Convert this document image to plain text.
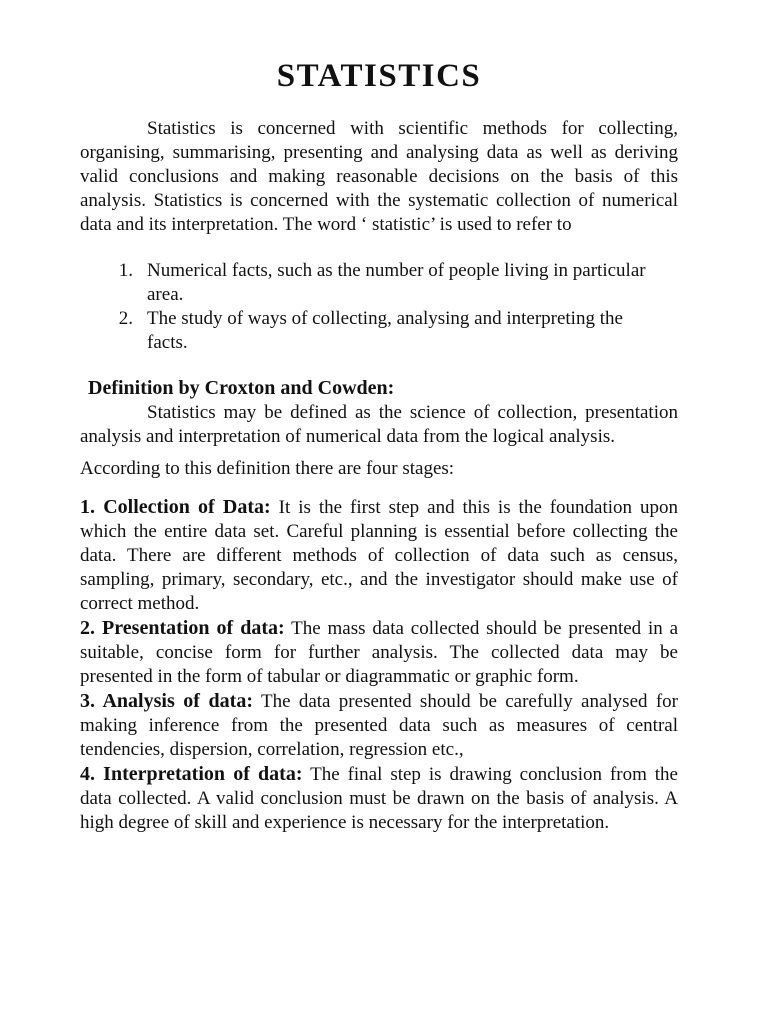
STATISTICS

Statistics is concerned with scientific methods for collecting, organising, summarising, presenting and analysing data as well as deriving valid conclusions and making reasonable decisions on the basis of this analysis. Statistics is concerned with the systematic collection of numerical data and its interpretation. The word ‘ statistic’ is used to refer to

1. Numerical facts, such as the number of people living in particular area.
2. The study of ways of collecting, analysing and interpreting the facts.
Definition by Croxton and Cowden:

Statistics may be defined as the science of collection, presentation analysis and interpretation of numerical data from the logical analysis.

According to this definition there are four stages:

1. Collection of Data: It is the first step and this is the foundation upon which the entire data set. Careful planning is essential before collecting the data. There are different methods of collection of data such as census, sampling, primary, secondary, etc., and the investigator should make use of correct method.

2. Presentation of data: The mass data collected should be presented in a suitable, concise form for further analysis. The collected data may be presented in the form of tabular or diagrammatic or graphic form.

3. Analysis of data: The data presented should be carefully analysed for making inference from the presented data such as measures of central tendencies, dispersion, correlation, regression etc.,

4. Interpretation of data: The final step is drawing conclusion from the data collected. A valid conclusion must be drawn on the basis of analysis. A high degree of skill and experience is necessary for the interpretation.
